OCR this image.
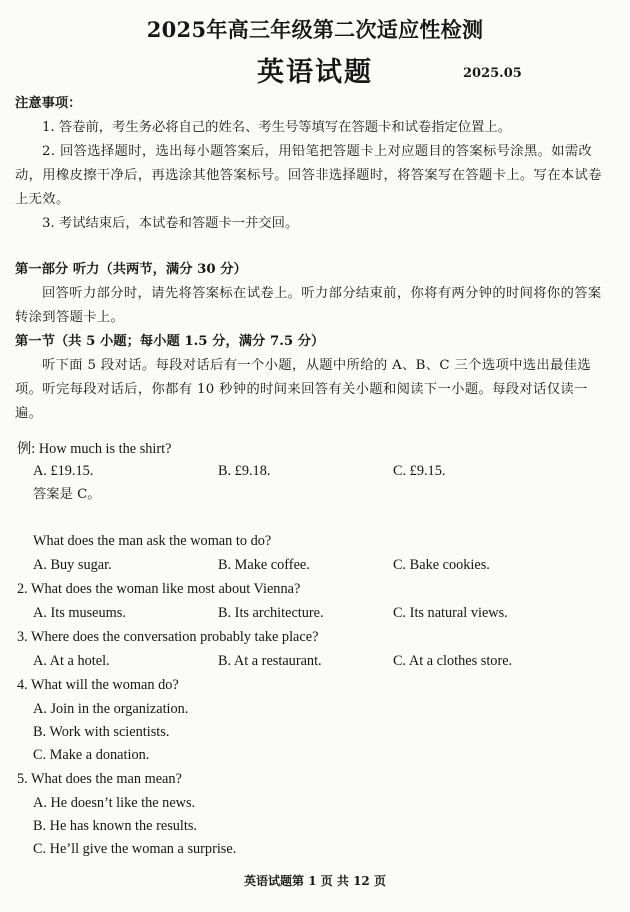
2025年高三年级第二次适应性检测
英语试题	2025.05
注意事项：
1. 答卷前，考生务必将自己的姓名、考生号等填写在答题卡和试卷指定位置上。
2. 回答选择题时，选出每小题答案后，用铅笔把答题卡上对应题目的答案标号涂黑。如需改动，用橡皮擦干净后，再选涂其他答案标号。回答非选择题时，将答案写在答题卡上。写在本试卷上无效。
3. 考试结束后，本试卷和答题卡一并交回。
第一部分 听力（共两节，满分 30 分）
回答听力部分时，请先将答案标在试卷上。听力部分结束前，你将有两分钟的时间将你的答案转涂到答题卡上。
第一节（共 5 小题；每小题 1.5 分，满分 7.5 分）
听下面 5 段对话。每段对话后有一个小题，从题中所给的 A、B、C 三个选项中选出最佳选项。听完每段对话后，你都有 10 秒钟的时间来回答有关小题和阅读下一小题。每段对话仅读一遍。
例: How much is the shirt?
A. £19.15.	B. £9.18.	C. £9.15.
答案是 C。
What does the man ask the woman to do?
A. Buy sugar.	B. Make coffee.	C. Bake cookies.
2. What does the woman like most about Vienna?
A. Its museums.	B. Its architecture.	C. Its natural views.
3. Where does the conversation probably take place?
A. At a hotel.	B. At a restaurant.	C. At a clothes store.
4. What will the woman do?
A. Join in the organization.
B. Work with scientists.
C. Make a donation.
5. What does the man mean?
A. He doesn’t like the news.
B. He has known the results.
C. He’ll give the woman a surprise.
英语试题第 1 页 共 12 页
